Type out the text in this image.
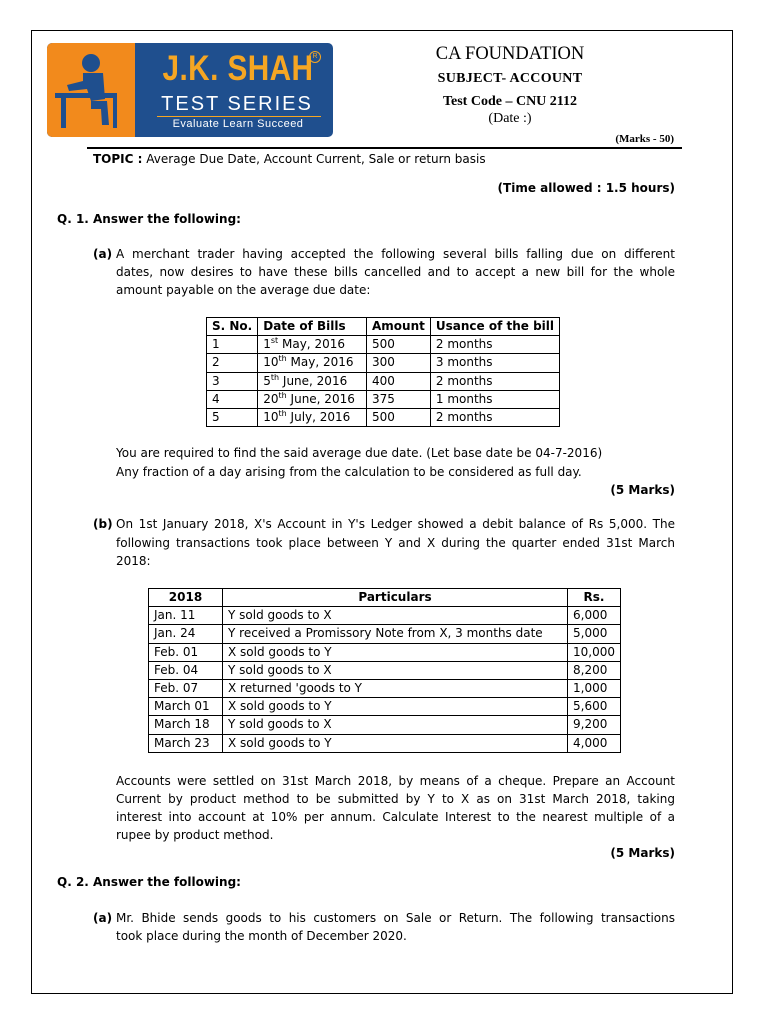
J.K. SHAH
R
TEST SERIES
Evaluate Learn Succeed
CA FOUNDATION
SUBJECT- ACCOUNT
Test Code – CNU 2112
(Date :)
(Marks - 50)
TOPIC : Average Due Date, Account Current, Sale or return basis
(Time allowed : 1.5 hours)
Q. 1. Answer the following:
(a) A merchant trader having accepted the following several bills falling due on different
dates, now desires to have these bills cancelled and to accept a new bill for the whole
amount payable on the average due date:
S. No.	Date of Bills	Amount	Usance of the bill
1	1st May, 2016	500	2 months
2	10th May, 2016	300	3 months
3	5th June, 2016	400	2 months
4	20th June, 2016	375	1 months
5	10th July, 2016	500	2 months
You are required to find the said average due date. (Let base date be 04-7-2016)
Any fraction of a day arising from the calculation to be considered as full day.
(5 Marks)
(b) On 1st January 2018, X's Account in Y's Ledger showed a debit balance of Rs 5,000. The
following transactions took place between Y and X during the quarter ended 31st March
2018:
2018	Particulars	Rs.
Jan. 11	Y sold goods to X	6,000
Jan. 24	Y received a Promissory Note from X, 3 months date	5,000
Feb. 01	X sold goods to Y	10,000
Feb. 04	Y sold goods to X	8,200
Feb. 07	X returned 'goods to Y	1,000
March 01	X sold goods to Y	5,600
March 18	Y sold goods to X	9,200
March 23	X sold goods to Y	4,000
Accounts were settled on 31st March 2018, by means of a cheque. Prepare an Account
Current by product method to be submitted by Y to X as on 31st March 2018, taking
interest into account at 10% per annum. Calculate Interest to the nearest multiple of a
rupee by product method.
(5 Marks)
Q. 2. Answer the following:
(a) Mr. Bhide sends goods to his customers on Sale or Return. The following transactions
took place during the month of December 2020.
